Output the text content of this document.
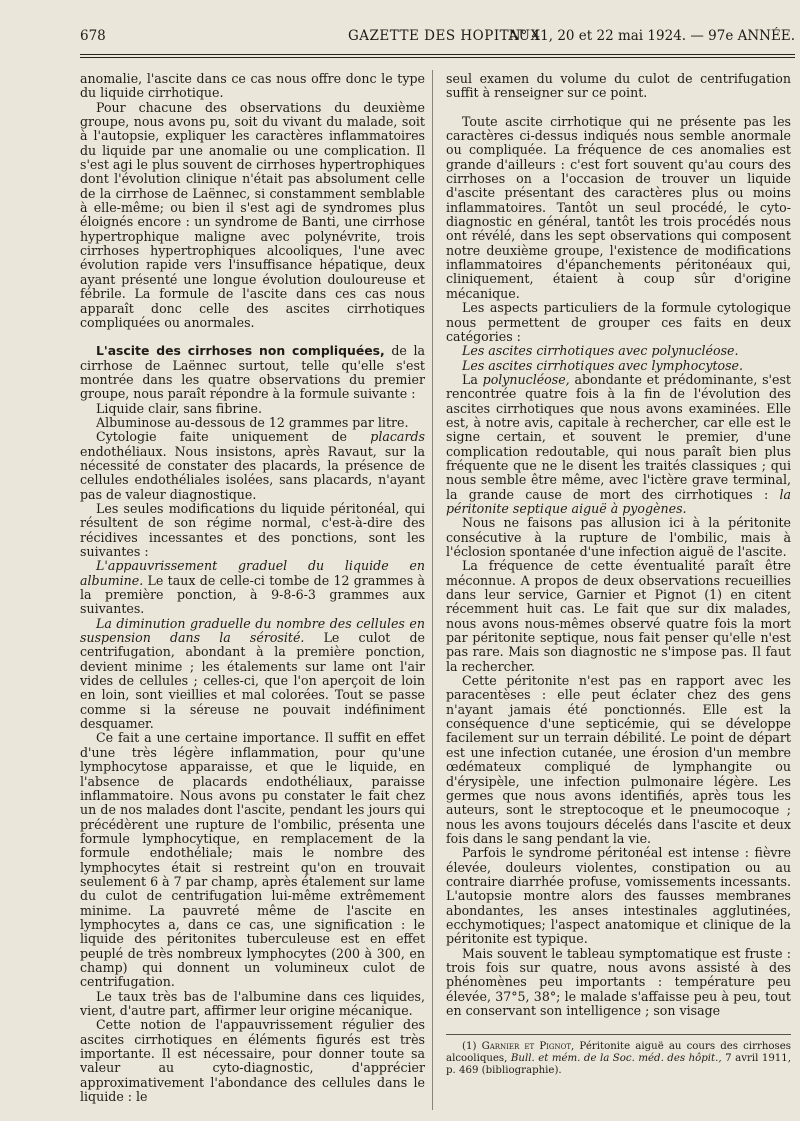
678	GAZETTE DES HOPITAUX
N° 41, 20 et 22 mai 1924. — 97e ANNÉE.

anomalie, l'ascite dans ce cas nous offre donc le type du liquide cirrhotique.

Pour chacune des observations du deuxième groupe, nous avons pu, soit du vivant du malade, soit à l'autopsie, expliquer les caractères inflammatoires du liquide par une anomalie ou une complication. Il s'est agi le plus souvent de cirrhoses hypertrophiques dont l'évolution clinique n'était pas absolument celle de la cirrhose de Laënnec, si constamment semblable à elle-même; ou bien il s'est agi de syndromes plus éloignés encore : un syndrome de Banti, une cirrhose hypertrophique maligne avec polynévrite, trois cirrhoses hypertrophiques alcooliques, l'une avec évolution rapide vers l'insuffisance hépatique, deux ayant présenté une longue évolution douloureuse et fébrile. La formule de l'ascite dans ces cas nous apparaît donc celle des ascites cirrhotiques compliquées ou anormales.

L'ascite des cirrhoses non compliquées, de la cirrhose de Laënnec surtout, telle qu'elle s'est montrée dans les quatre observations du premier groupe, nous paraît répondre à la formule suivante :

Liquide clair, sans fibrine.

Albuminose au-dessous de 12 grammes par litre.

Cytologie faite uniquement de placards endothéliaux. Nous insistons, après Ravaut, sur la nécessité de constater des placards, la présence de cellules endothéliales isolées, sans placards, n'ayant pas de valeur diagnostique.

Les seules modifications du liquide péritonéal, qui résultent de son régime normal, c'est-à-dire des récidives incessantes et des ponctions, sont les suivantes :

L'appauvrissement graduel du liquide en albumine. Le taux de celle-ci tombe de 12 grammes à la première ponction, à 9-8-6-3 grammes aux suivantes.

La diminution graduelle du nombre des cellules en suspension dans la sérosité. Le culot de centrifugation, abondant à la première ponction, devient minime ; les étalements sur lame ont l'air vides de cellules ; celles-ci, que l'on aperçoit de loin en loin, sont vieillies et mal colorées. Tout se passe comme si la séreuse ne pouvait indéfiniment desquamer.

Ce fait a une certaine importance. Il suffit en effet d'une très légère inflammation, pour qu'une lymphocytose apparaisse, et que le liquide, en l'absence de placards endothéliaux, paraisse inflammatoire. Nous avons pu constater le fait chez un de nos malades dont l'ascite, pendant les jours qui précédèrent une rupture de l'ombilic, présenta une formule lymphocytique, en remplacement de la formule endothéliale; mais le nombre des lymphocytes était si restreint qu'on en trouvait seulement 6 à 7 par champ, après étalement sur lame du culot de centrifugation lui-même extrêmement minime. La pauvreté même de l'ascite en lymphocytes a, dans ce cas, une signification : le liquide des péritonites tuberculeuse est en effet peuplé de très nombreux lymphocytes (200 à 300, en champ) qui donnent un volumineux culot de centrifugation.

Le taux très bas de l'albumine dans ces liquides, vient, d'autre part, affirmer leur origine mécanique.

Cette notion de l'appauvrissement régulier des ascites cirrhotiques en éléments figurés est très importante. Il est nécessaire, pour donner toute sa valeur au cyto-diagnostic, d'apprécier approximativement l'abondance des cellules dans le liquide : le

seul examen du volume du culot de centrifugation suffit à renseigner sur ce point.

Toute ascite cirrhotique qui ne présente pas les caractères ci-dessus indiqués nous semble anormale ou compliquée. La fréquence de ces anomalies est grande d'ailleurs : c'est fort souvent qu'au cours des cirrhoses on a l'occasion de trouver un liquide d'ascite présentant des caractères plus ou moins inflammatoires. Tantôt un seul procédé, le cyto-diagnostic en général, tantôt les trois procédés nous ont révélé, dans les sept observations qui composent notre deuxième groupe, l'existence de modifications inflammatoires d'épanchements péritonéaux qui, cliniquement, étaient à coup sûr d'origine mécanique.

Les aspects particuliers de la formule cytologique nous permettent de grouper ces faits en deux catégories :

Les ascites cirrhotiques avec polynucléose.

Les ascites cirrhotiques avec lymphocytose.

La polynucléose, abondante et prédominante, s'est rencontrée quatre fois à la fin de l'évolution des ascites cirrhotiques que nous avons examinées. Elle est, à notre avis, capitale à rechercher, car elle est le signe certain, et souvent le premier, d'une complication redoutable, qui nous paraît bien plus fréquente que ne le disent les traités classiques ; qui nous semble être même, avec l'ictère grave terminal, la grande cause de mort des cirrhotiques : la péritonite septique aiguë à pyogènes.

Nous ne faisons pas allusion ici à la péritonite consécutive à la rupture de l'ombilic, mais à l'éclosion spontanée d'une infection aiguë de l'ascite.

La fréquence de cette éventualité paraît être méconnue. A propos de deux observations recueillies dans leur service, Garnier et Pignot (1) en citent récemment huit cas. Le fait que sur dix malades, nous avons nous-mêmes observé quatre fois la mort par péritonite septique, nous fait penser qu'elle n'est pas rare. Mais son diagnostic ne s'impose pas. Il faut la rechercher.

Cette péritonite n'est pas en rapport avec les paracentèses : elle peut éclater chez des gens n'ayant jamais été ponctionnés. Elle est la conséquence d'une septicémie, qui se développe facilement sur un terrain débilité. Le point de départ est une infection cutanée, une érosion d'un membre œdémateux compliqué de lymphangite ou d'érysipèle, une infection pulmonaire légère. Les germes que nous avons identifiés, après tous les auteurs, sont le streptocoque et le pneumocoque ; nous les avons toujours décelés dans l'ascite et deux fois dans le sang pendant la vie.

Parfois le syndrome péritonéal est intense : fièvre élevée, douleurs violentes, constipation ou au contraire diarrhée profuse, vomissements incessants. L'autopsie montre alors des fausses membranes abondantes, les anses intestinales agglutinées, ecchymotiques; l'aspect anatomique et clinique de la péritonite est typique.

Mais souvent le tableau symptomatique est fruste : trois fois sur quatre, nous avons assisté à des phénomènes peu importants : température peu élevée, 37°5, 38°; le malade s'affaisse peu à peu, tout en conservant son intelligence ; son visage

(1) Garnier et Pignot, Péritonite aiguë au cours des cirrhoses alcooliques, Bull. et mém. de la Soc. méd. des hôpit., 7 avril 1911, p. 469 (bibliographie).
